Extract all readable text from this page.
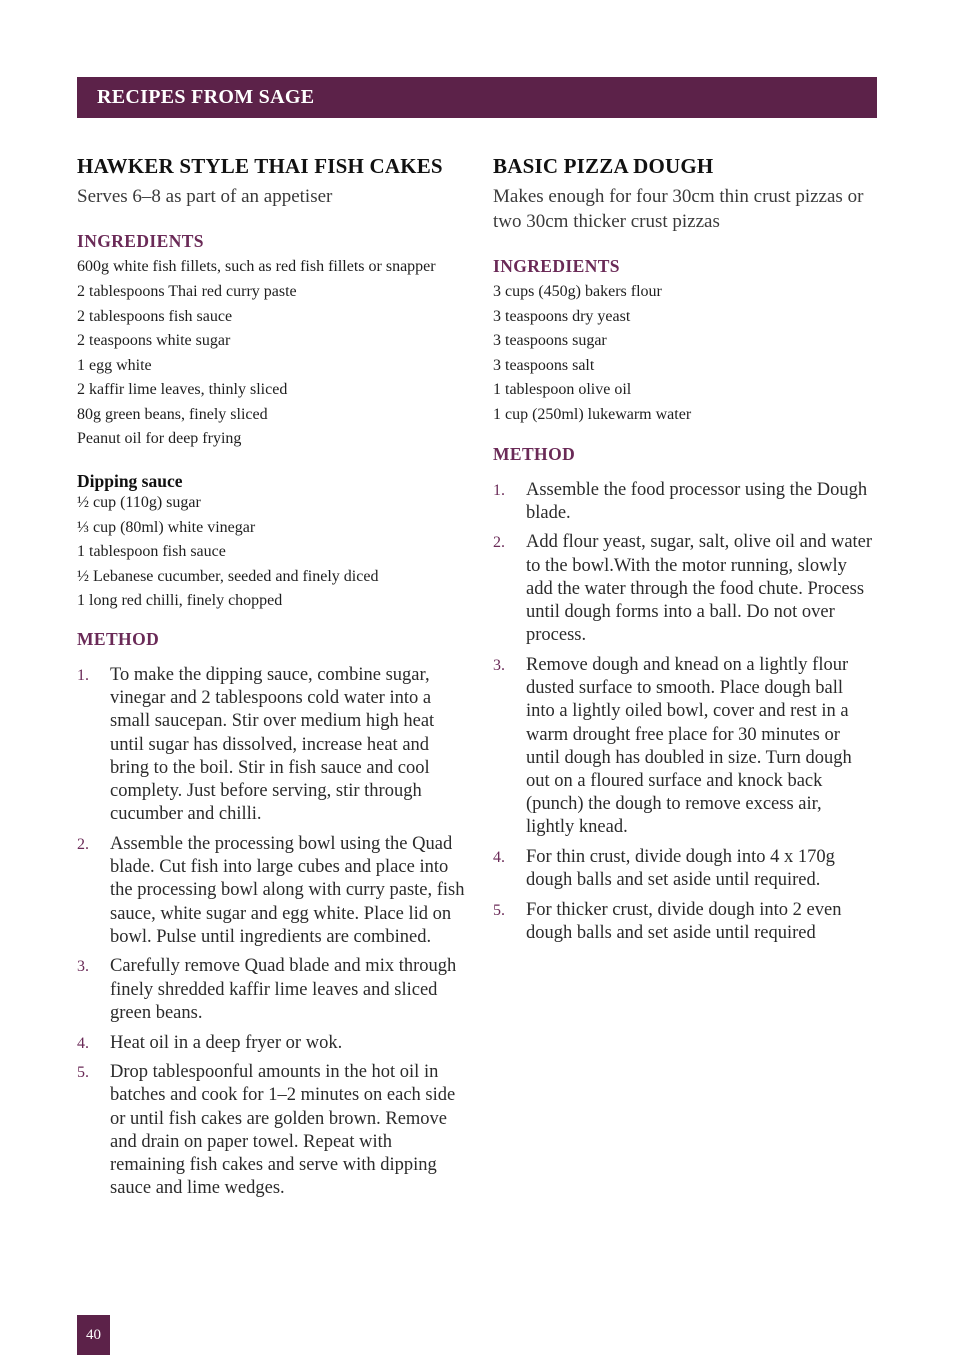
RECIPES FROM SAGE
HAWKER STYLE THAI FISH CAKES

Serves 6–8 as part of an appetiser

INGREDIENTS
600g white fish fillets, such as red fish fillets or snapper
2 tablespoons Thai red curry paste
2 tablespoons fish sauce
2 teaspoons white sugar
1 egg white
2 kaffir lime leaves, thinly sliced
80g green beans, finely sliced
Peanut oil for deep frying
Dipping sauce
½ cup (110g) sugar
⅓ cup (80ml) white vinegar
1 tablespoon fish sauce
½ Lebanese cucumber, seeded and finely diced
1 long red chilli, finely chopped
METHOD
1. To make the dipping sauce, combine sugar, vinegar and 2 tablespoons cold water into a small saucepan. Stir over medium high heat until sugar has dissolved, increase heat and bring to the boil. Stir in fish sauce and cool complety. Just before serving, stir through cucumber and chilli.
2. Assemble the processing bowl using the Quad blade. Cut fish into large cubes and place into the processing bowl along with curry paste, fish sauce, white sugar and egg white. Place lid on bowl. Pulse until ingredients are combined.
3. Carefully remove Quad blade and mix through finely shredded kaffir lime leaves and sliced green beans.
4. Heat oil in a deep fryer or wok.
5. Drop tablespoonful amounts in the hot oil in batches and cook for 1–2 minutes on each side or until fish cakes are golden brown. Remove and drain on paper towel. Repeat with remaining fish cakes and serve with dipping sauce and lime wedges.
BASIC PIZZA DOUGH

Makes enough for four 30cm thin crust pizzas or two 30cm thicker crust pizzas

INGREDIENTS
3 cups (450g) bakers flour
3 teaspoons dry yeast
3 teaspoons sugar
3 teaspoons salt
1 tablespoon olive oil
1 cup (250ml) lukewarm water
METHOD
1. Assemble the food processor using the Dough blade.
2. Add flour yeast, sugar, salt, olive oil and water to the bowl.With the motor running, slowly add the water through the food chute. Process until dough forms into a ball. Do not over process.
3. Remove dough and knead on a lightly flour dusted surface to smooth. Place dough ball into a lightly oiled bowl, cover and rest in a warm drought free place for 30 minutes or until dough has doubled in size. Turn dough out on a floured surface and knock back (punch) the dough to remove excess air, lightly knead.
4. For thin crust, divide dough into 4 x 170g dough balls and set aside until required.
5. For thicker crust, divide dough into 2 even dough balls and set aside until required
40
